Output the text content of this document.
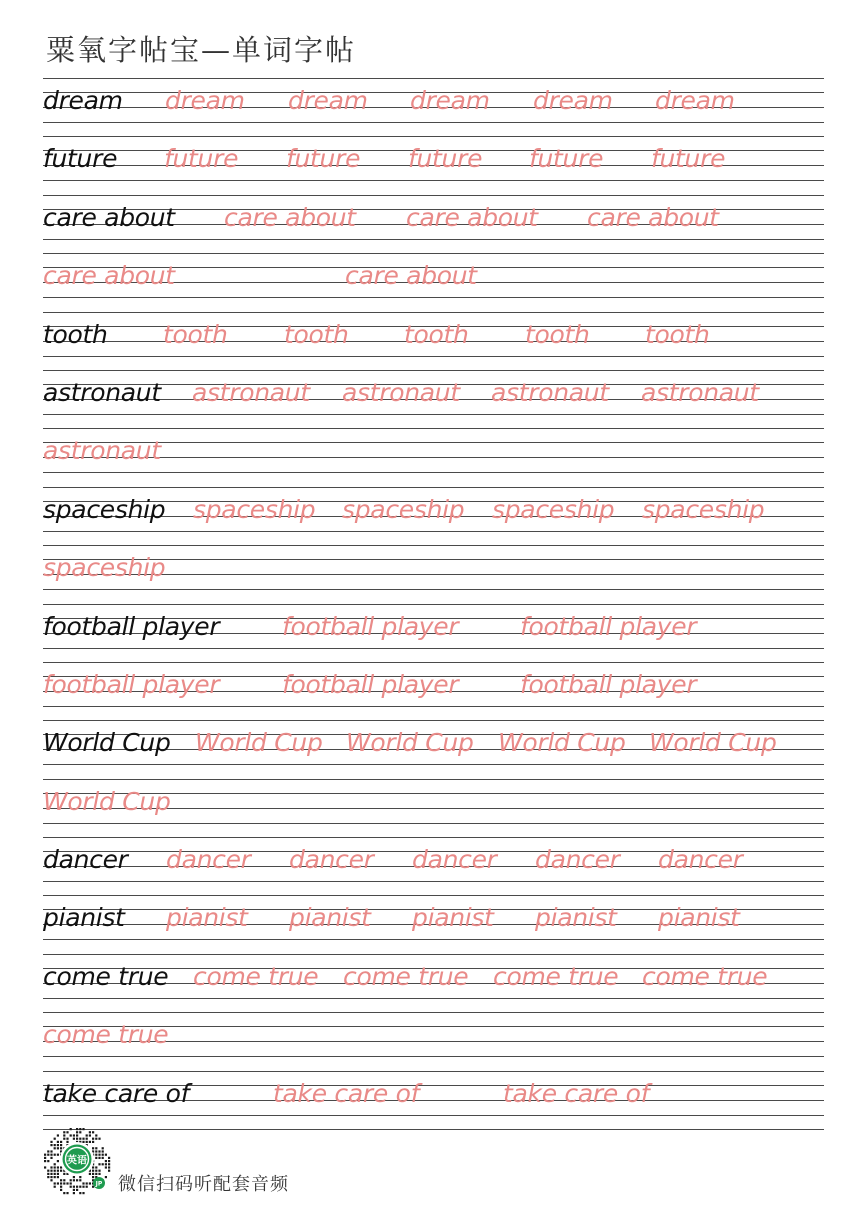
粟氧字帖宝—单词字帖
dream dream dream dream dream dream
future future future future future future
care about care about care about care about
care about	care about
tooth tooth tooth tooth tooth tooth
astronaut astronaut astronaut astronaut astronaut
astronaut
spaceship spaceship spaceship spaceship spaceship
spaceship
football player	football player football player
football player	football player football player
World Cup World Cup World Cup World Cup World Cup
World Cup
dancer dancer dancer dancer dancer dancer
pianist pianist pianist pianist pianist pianist
come true come true come true come true come true
come true
take care of	take care of	take care of
英语
JP 微信扫码听配套音频
